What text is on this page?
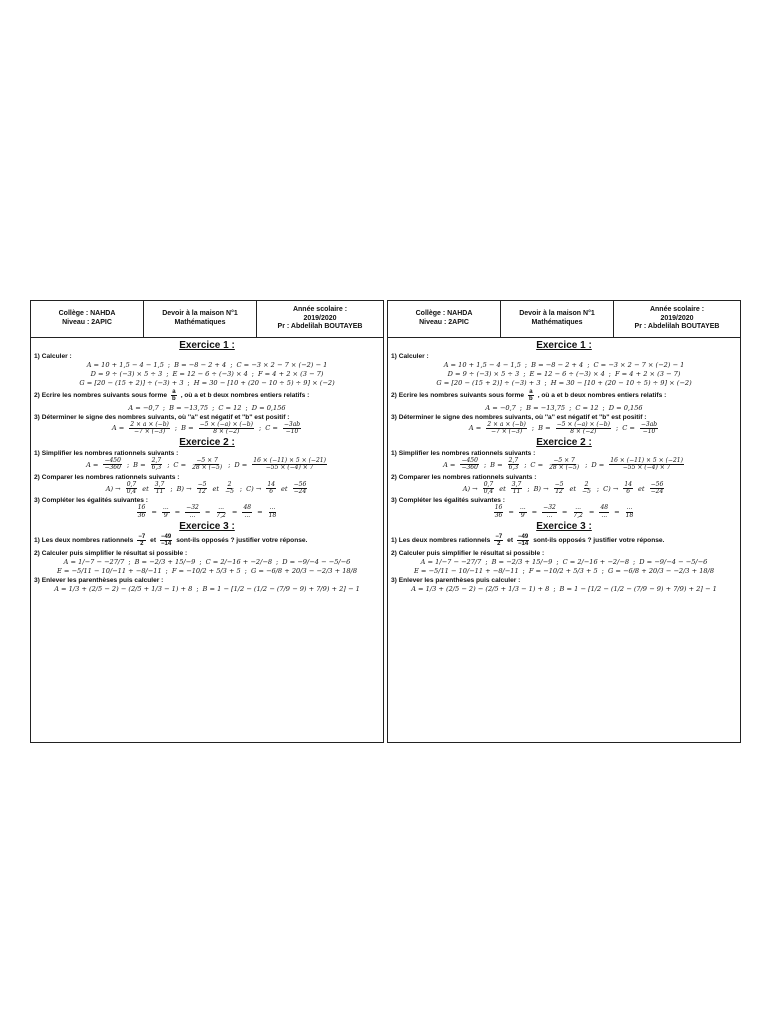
Collège : NAHDA
Niveau : 2APIC
Devoir à la maison N°1
Mathématiques
Année scolaire :
2019/2020
Pr : Abdelilah BOUTAYEB
Exercice 1 :
1) Calculer :
A = 10 + 1,5 − 4 − 1,5 ; B = −8 − 2 + 4 ; C = −3 × 2 − 7 × (−2) − 1
D = 9 ÷ (−3) × 5 ÷ 3 ; E = 12 − 6 ÷ (−3) × 4 ; F = 4 + 2 × (3 − 7)
G = [20 − (15 + 2)] ÷ (−3) + 3 ; H = 30 − [10 + (20 − 10 ÷ 5) ÷ 9] × (−2)
2) Ecrire les nombres suivants sous forme $\frac{a}{b}$ , où a et b deux nombres entiers relatifs :
A = −0,7 ; B = −13,75 ; C = 12 ; D = 0,156
3) Déterminer le signe des nombres suivants, où ''a'' est négatif et ''b'' est positif :
$A = \frac{2 \times a \times (-b)}{-7 \times (-3)}$ ; $B = \frac{-5 \times (-a) \times (-b)}{8 \times (-2)}$ ; $C = \frac{-3ab}{-10}$
Exercice 2 :
1) Simplifier les nombres rationnels suivants :
$A = \frac{-450}{-360}$ ; $B = \frac{2,7}{6,3}$ ; $C = \frac{-5 \times 7}{28 \times (-5)}$ ; $D = \frac{16 \times (-11) \times 5 \times (-21)}{-55 \times (-4) \times 7}$
2) Comparer les nombres rationnels suivants :
$A) \to \frac{0,7}{0,4}$ et $\frac{3,7}{11}$ ; $B) \to \frac{-5}{12}$ et $\frac{2}{-5}$ ; $C) \to \frac{14}{6}$ et $\frac{-56}{-24}$
3) Compléter les égalités suivantes :
$\frac{16}{36}$ =
...
9 =
−32
... =
...
7,2 =
48
... =
...
18
Exercice 3 :
1) Les deux nombres rationnels $\frac{-7}{2}$ et $\frac{-49}{-14}$ sont-ils opposés ? justifier votre réponse.
2) Calculer puis simplifier le résultat si possible :
A = 1/−7 − −27/7 ; B = −2/3 + 15/−9 ; C = 2/−16 + −2/−8 ; D = −9/−4 − −5/−6
E = −5/11 − 10/−11 + −8/−11 ; F = −10/2 + 5/3 + 5 ; G = −6/8 + 20/3 − −2/3 + 18/8
3) Enlever les parenthèses puis calculer :
A = 1/3 + (2/5 − 2) − (2/5 + 1/3 − 1) + 8 ; B = 1 − [1/2 − (1/2 − (7/9 − 9) + 7/9) + 2] − 1
Collège : NAHDA
Niveau : 2APIC
Devoir à la maison N°1
Mathématiques
Année scolaire :
2019/2020
Pr : Abdelilah BOUTAYEB
Exercice 1 :
1) Calculer :
A = 10 + 1,5 − 4 − 1,5 ; B = −8 − 2 + 4 ; C = −3 × 2 − 7 × (−2) − 1
D = 9 ÷ (−3) × 5 ÷ 3 ; E = 12 − 6 ÷ (−3) × 4 ; F = 4 + 2 × (3 − 7)
G = [20 − (15 + 2)] ÷ (−3) + 3 ; H = 30 − [10 + (20 − 10 ÷ 5) ÷ 9] × (−2)
2) Ecrire les nombres suivants sous forme $\frac{a}{b}$ , où a et b deux nombres entiers relatifs :
A = −0,7 ; B = −13,75 ; C = 12 ; D = 0,156
3) Déterminer le signe des nombres suivants, où ''a'' est négatif et ''b'' est positif :
$A = \frac{2 \times a \times (-b)}{-7 \times (-3)}$ ; $B = \frac{-5 \times (-a) \times (-b)}{8 \times (-2)}$ ; $C = \frac{-3ab}{-10}$
Exercice 2 :
1) Simplifier les nombres rationnels suivants :
$A = \frac{-450}{-360}$ ; $B = \frac{2,7}{6,3}$ ; $C = \frac{-5 \times 7}{28 \times (-5)}$ ; $D = \frac{16 \times (-11) \times 5 \times (-21)}{-55 \times (-4) \times 7}$
2) Comparer les nombres rationnels suivants :
$A) \to \frac{0,7}{0,4}$ et $\frac{3,7}{11}$ ; $B) \to \frac{-5}{12}$ et $\frac{2}{-5}$ ; $C) \to \frac{14}{6}$ et $\frac{-56}{-24}$
3) Compléter les égalités suivantes :
$\frac{16}{36}$ =
...
9 =
−32
... =
...
7,2 =
48
... =
...
18
Exercice 3 :
1) Les deux nombres rationnels $\frac{-7}{2}$ et $\frac{-49}{-14}$ sont-ils opposés ? justifier votre réponse.
2) Calculer puis simplifier le résultat si possible :
A = 1/−7 − −27/7 ; B = −2/3 + 15/−9 ; C = 2/−16 + −2/−8 ; D = −9/−4 − −5/−6
E = −5/11 − 10/−11 + −8/−11 ; F = −10/2 + 5/3 + 5 ; G = −6/8 + 20/3 − −2/3 + 18/8
3) Enlever les parenthèses puis calculer :
A = 1/3 + (2/5 − 2) − (2/5 + 1/3 − 1) + 8 ; B = 1 − [1/2 − (1/2 − (7/9 − 9) + 7/9) + 2] − 1
